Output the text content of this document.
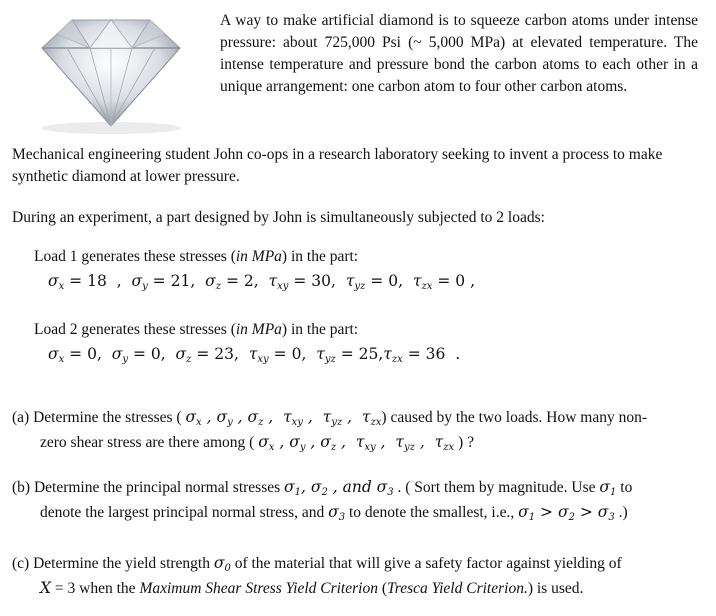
A way to make artificial diamond is to squeeze carbon atoms under intense pressure: about 725,000 Psi (~ 5,000 MPa) at elevated temperature. The intense temperature and pressure bond the carbon atoms to each other in a unique arrangement: one carbon atom to four other carbon atoms.
Mechanical engineering student John co-ops in a research laboratory seeking to invent a process to make synthetic diamond at lower pressure.
During an experiment, a part designed by John is simultaneously subjected to 2 loads:
Load 1 generates these stresses (in MPa) in the part:
$\sigma_x = 18$ ,  $\sigma_y = 21$,  $\sigma_z = 2$,  $\tau_{xy} = 30$,  $\tau_{yz} = 0$,  $\tau_{zx} = 0$ ,
Load 2 generates these stresses (in MPa) in the part:
$\sigma_x = 0$,  $\sigma_y = 0$,  $\sigma_z = 23$,  $\tau_{xy} = 0$,  $\tau_{yz} = 25,\tau_{zx} = 36$ .
(a) Determine the stresses ( $\sigma_x$ , $\sigma_y$ , $\sigma_z$ ,  $\tau_{xy}$ ,  $\tau_{yz}$ ,  $\tau_{zx}$) caused by the two loads. How many non-
zero shear stress are there among ( $\sigma_x$ , $\sigma_y$ , $\sigma_z$ ,  $\tau_{xy}$ ,  $\tau_{yz}$ ,  $\tau_{zx}$ ) ?
(b) Determine the principal normal stresses $\sigma_1$, $\sigma_2$ , and $\sigma_3$ . ( Sort them by magnitude. Use $\sigma_1$ to
denote the largest principal normal stress, and $\sigma_3$ to denote the smallest, i.e., $\sigma_1 > \sigma_2 > \sigma_3$ .)
(c) Determine the yield strength $\sigma_0$ of the material that will give a safety factor against yielding of
X = 3 when the Maximum Shear Stress Yield Criterion (Tresca Yield Criterion.) is used.
